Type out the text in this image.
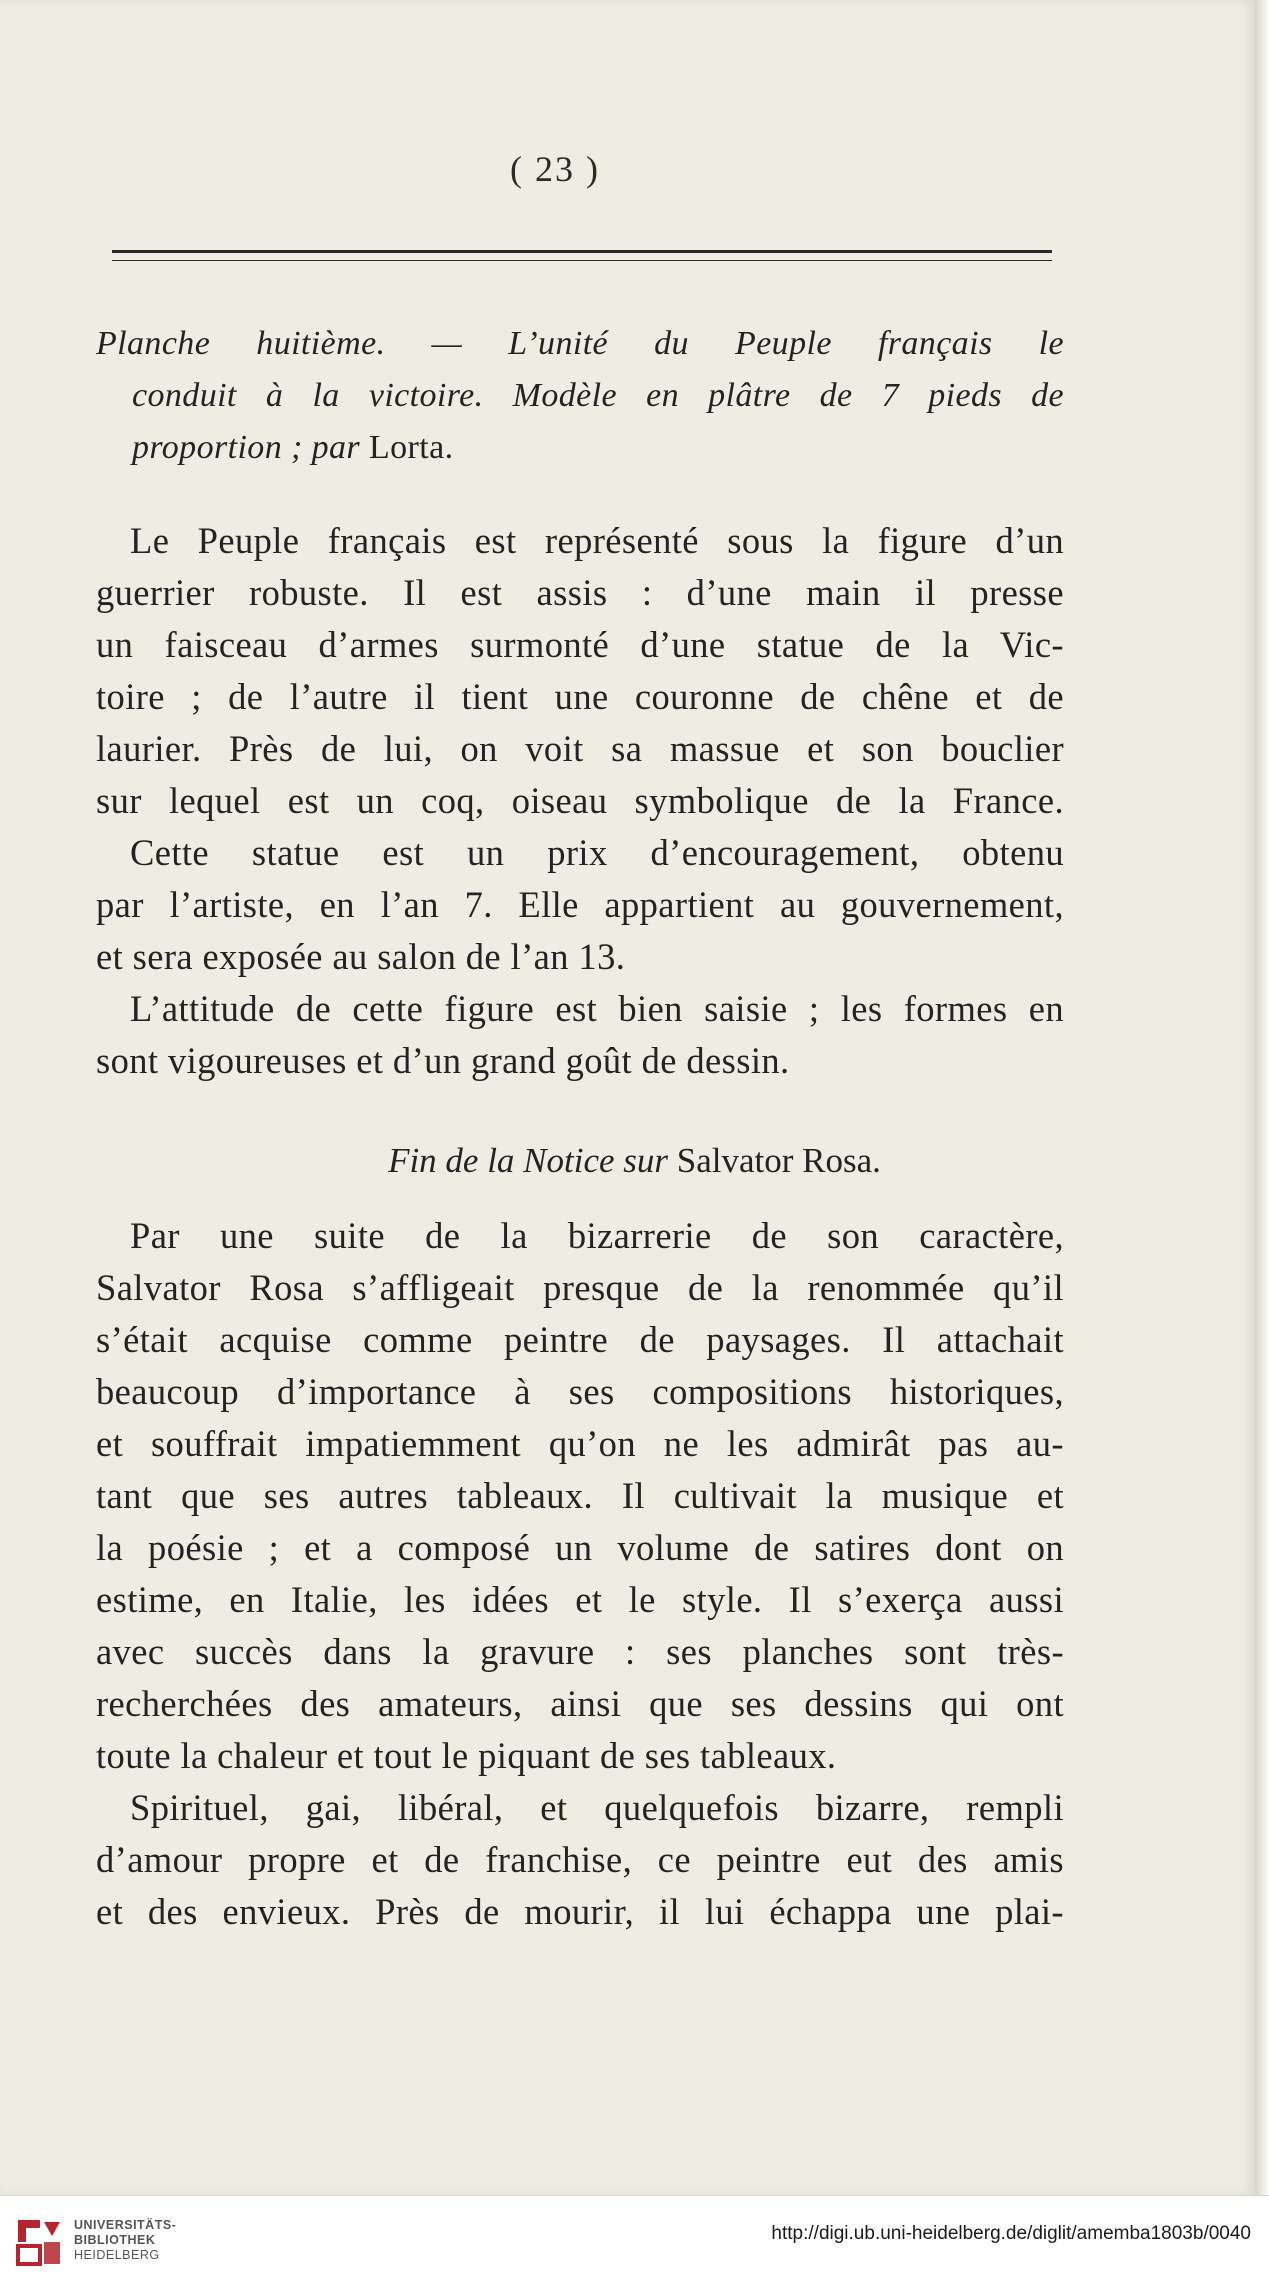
( 23 )
Planche huitième. — L’unité du Peuple français le
conduit à la victoire. Modèle en plâtre de 7 pieds de
proportion ; par Lorta.
Le Peuple français est représenté sous la figure d’un
guerrier robuste. Il est assis : d’une main il presse
un faisceau d’armes surmonté d’une statue de la Vic-
toire ; de l’autre il tient une couronne de chêne et de
laurier. Près de lui, on voit sa massue et son bouclier
sur lequel est un coq, oiseau symbolique de la France.
Cette statue est un prix d’encouragement, obtenu
par l’artiste, en l’an 7. Elle appartient au gouvernement,
et sera exposée au salon de l’an 13.
L’attitude de cette figure est bien saisie ; les formes en
sont vigoureuses et d’un grand goût de dessin.
Fin de la Notice sur Salvator Rosa.
Par une suite de la bizarrerie de son caractère,
Salvator Rosa s’affligeait presque de la renommée qu’il
s’était acquise comme peintre de paysages. Il attachait
beaucoup d’importance à ses compositions historiques,
et souffrait impatiemment qu’on ne les admirât pas au-
tant que ses autres tableaux. Il cultivait la musique et
la poésie ; et a composé un volume de satires dont on
estime, en Italie, les idées et le style. Il s’exerça aussi
avec succès dans la gravure : ses planches sont très-
recherchées des amateurs, ainsi que ses dessins qui ont
toute la chaleur et tout le piquant de ses tableaux.
Spirituel, gai, libéral, et quelquefois bizarre, rempli
d’amour propre et de franchise, ce peintre eut des amis
et des envieux. Près de mourir, il lui échappa une plai-
UNIVERSITÄTS-
BIBLIOTHEK
HEIDELBERG
http://digi.ub.uni-heidelberg.de/diglit/amemba1803b/0040
